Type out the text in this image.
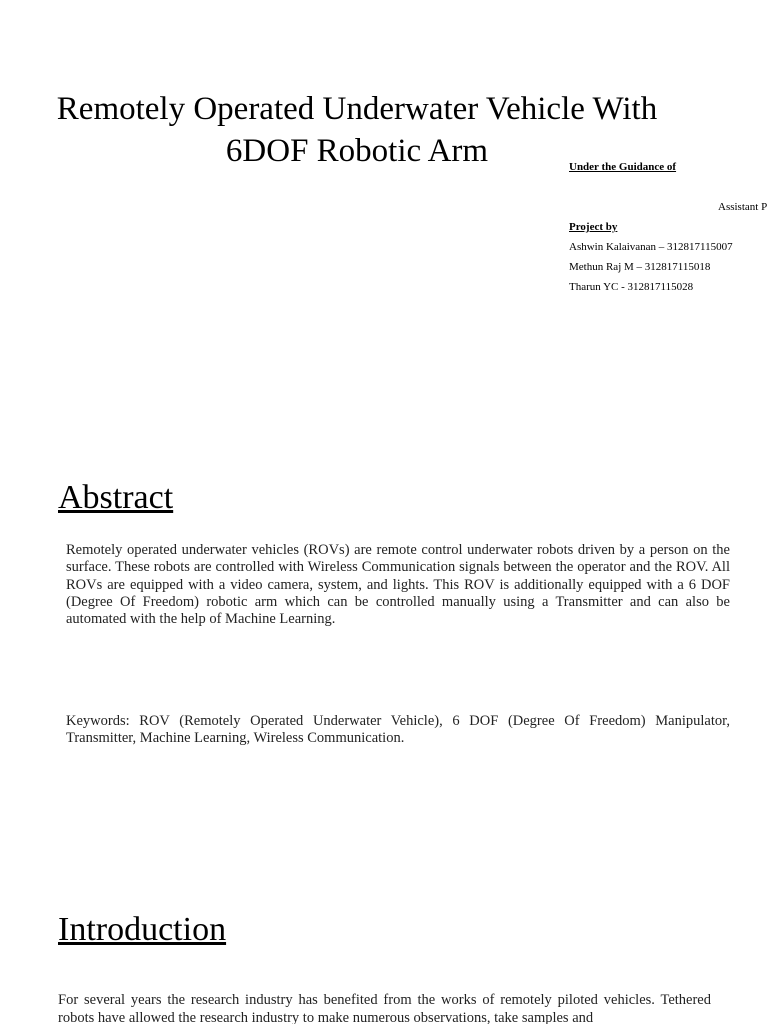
Remotely Operated Underwater Vehicle With
6DOF Robotic Arm	Under the Guidance of
Assistant P
Project by
Ashwin Kalaivanan – 312817115007
Methun Raj M – 312817115018
Tharun YC - 312817115028
Abstract

Remotely operated underwater vehicles (ROVs) are remote control underwater robots driven by a person on the surface. These robots are controlled with Wireless Communication signals between the operator and the ROV. All ROVs are equipped with a video camera, system, and lights. This ROV is additionally equipped with a 6 DOF (Degree Of Freedom) robotic arm which can be controlled manually using a Transmitter and can also be automated with the help of Machine Learning.

Keywords: ROV (Remotely Operated Underwater Vehicle), 6 DOF (Degree Of Freedom) Manipulator, Transmitter, Machine Learning, Wireless Communication.

Introduction

For several years the research industry has benefited from the works of remotely piloted vehicles. Tethered robots have allowed the research industry to make numerous observations, take samples and
